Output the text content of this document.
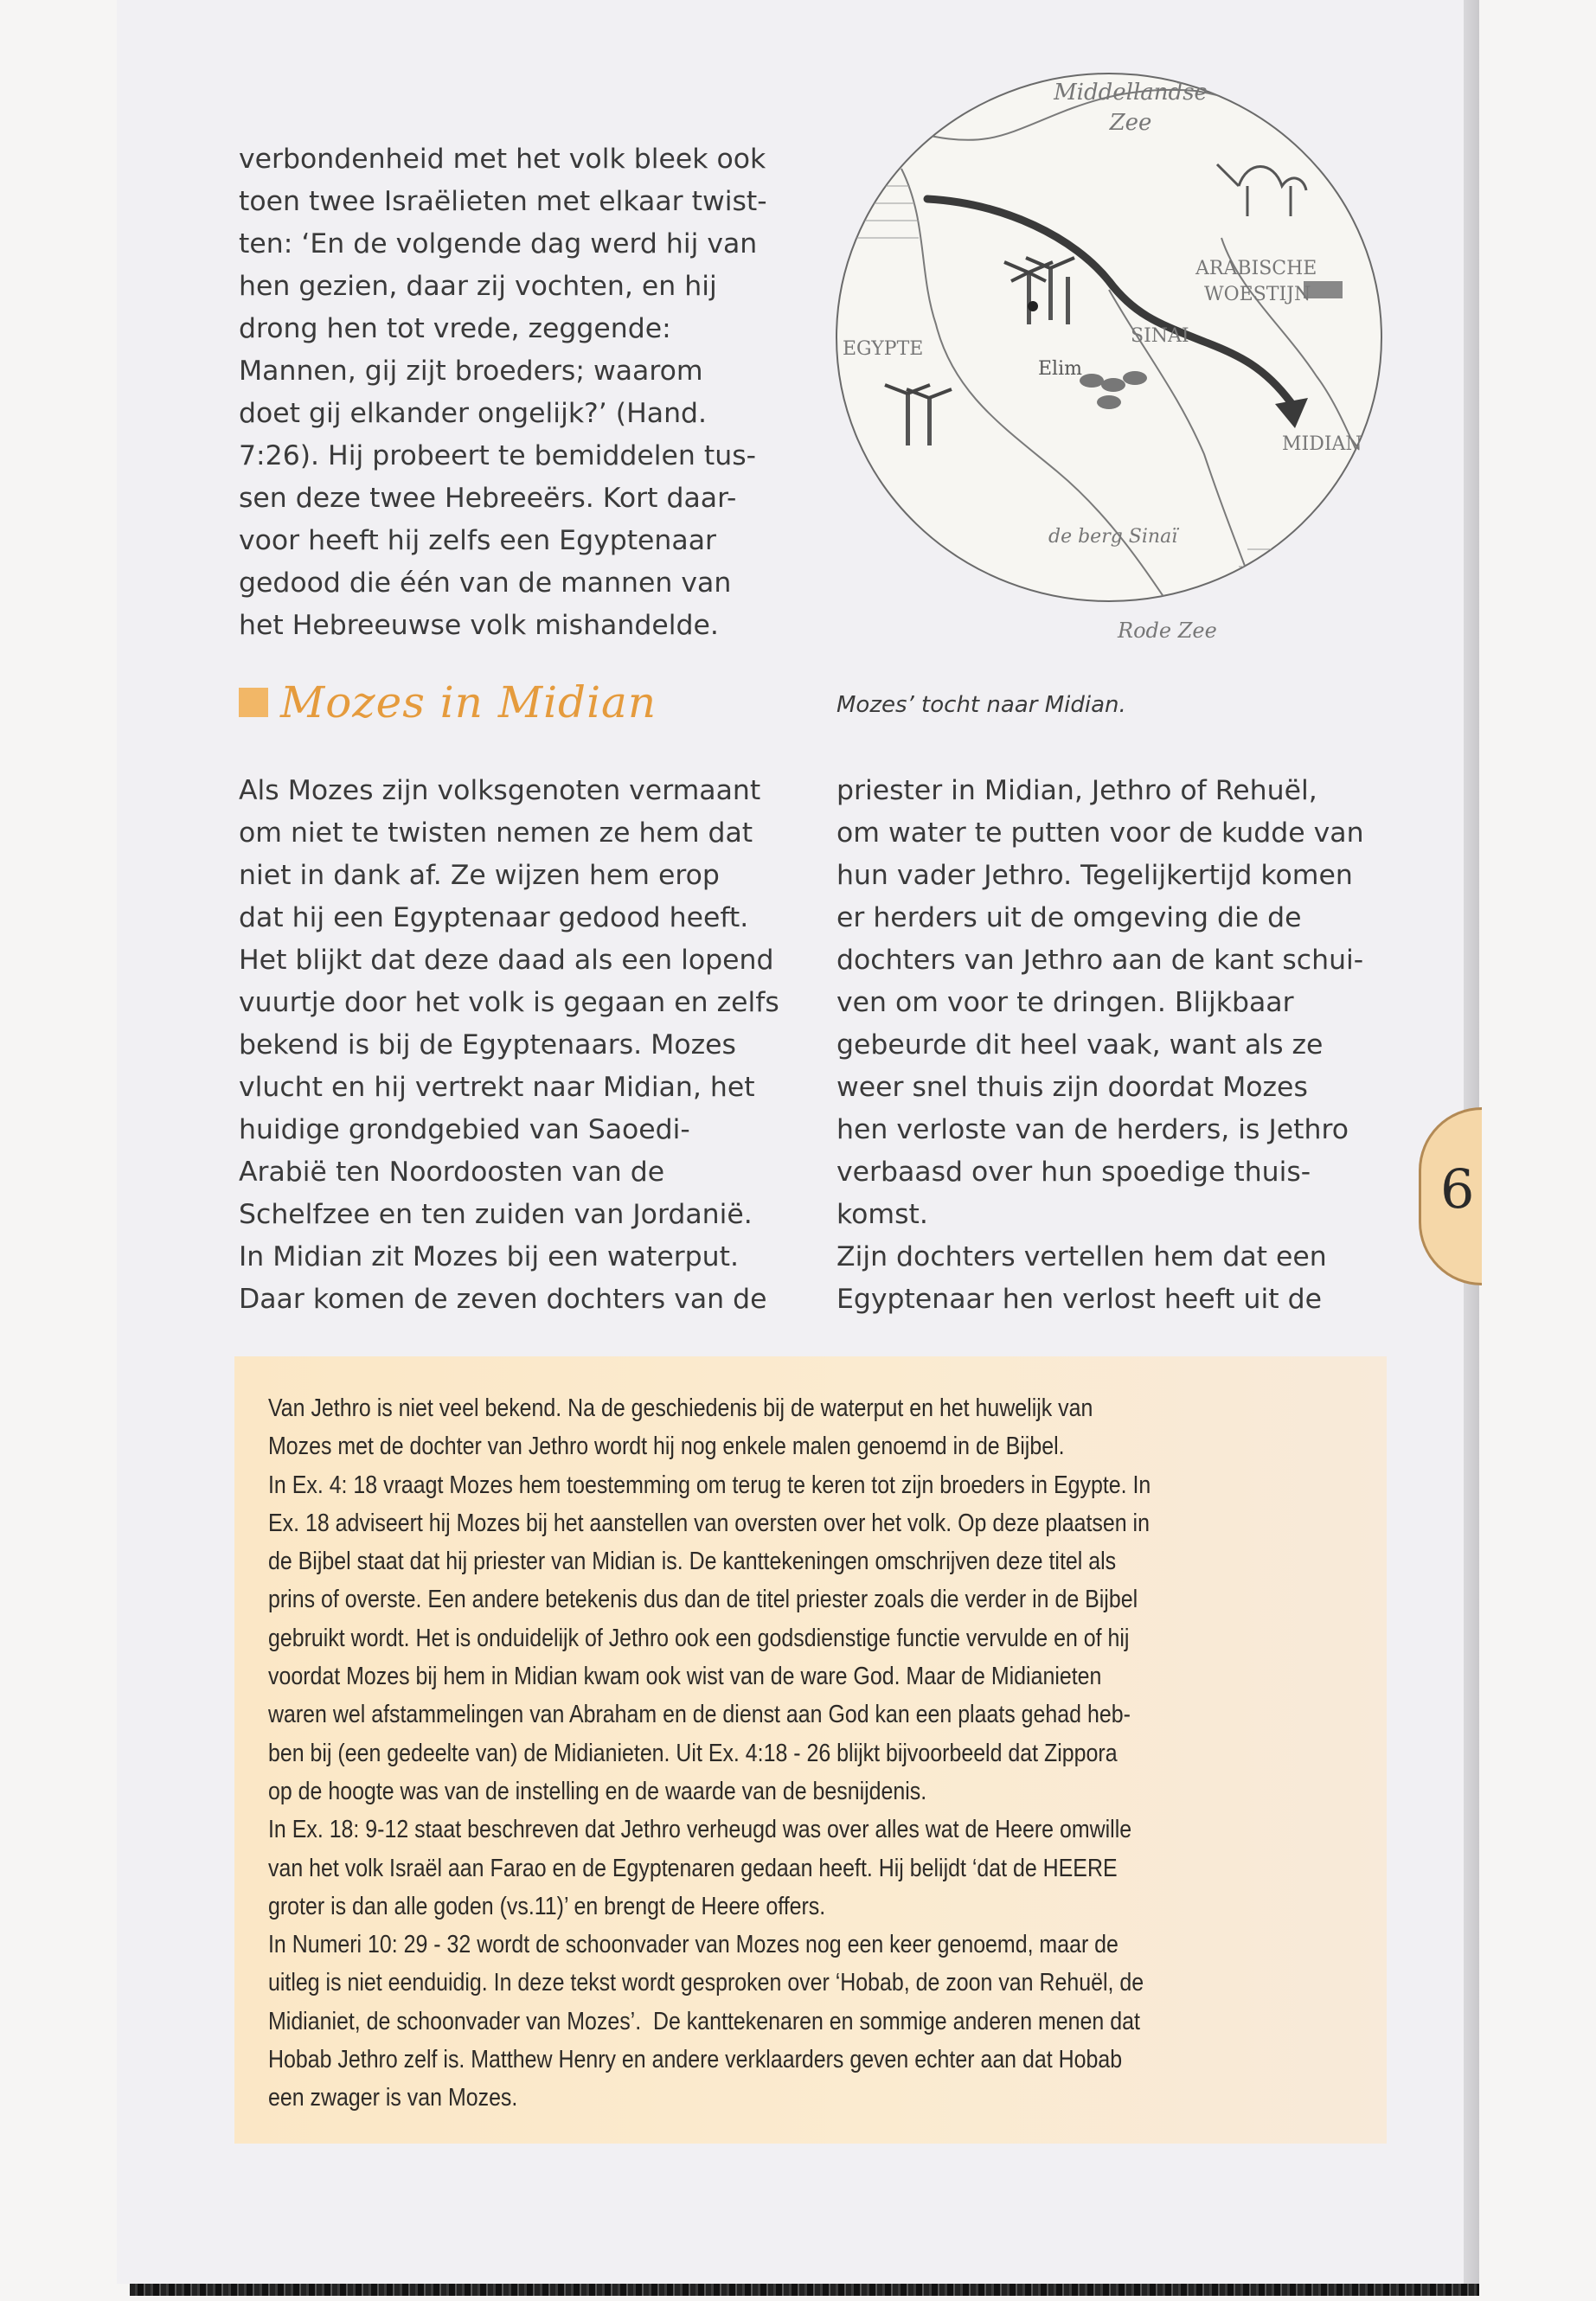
verbondenheid met het volk bleek ook
toen twee Israëlieten met elkaar twist-
ten: ‘En de volgende dag werd hij van
hen gezien, daar zij vochten, en hij
drong hen tot vrede, zeggende:
Mannen, gij zijt broeders; waarom
doet gij elkander ongelijk?’ (Hand.
7:26). Hij probeert te bemiddelen tus-
sen deze twee Hebreeërs. Kort daar-
voor heeft hij zelfs een Egyptenaar
gedood die één van de mannen van
het Hebreeuwse volk mishandelde.

Mozes in Midian
Middellandse
Zee
EGYPTE
ARABISCHE
WOESTIJN
SINAI
Elim
MIDIAN
de berg Sinaï
Rode Zee
Mozes’ tocht naar Midian.

Als Mozes zijn volksgenoten vermaant
om niet te twisten nemen ze hem dat
niet in dank af. Ze wijzen hem erop
dat hij een Egyptenaar gedood heeft.
Het blijkt dat deze daad als een lopend
vuurtje door het volk is gegaan en zelfs
bekend is bij de Egyptenaars. Mozes
vlucht en hij vertrekt naar Midian, het
huidige grondgebied van Saoedi-
Arabië ten Noordoosten van de
Schelfzee en ten zuiden van Jordanië.
In Midian zit Mozes bij een waterput.
Daar komen de zeven dochters van de

priester in Midian, Jethro of Rehuël,
om water te putten voor de kudde van
hun vader Jethro. Tegelijkertijd komen
er herders uit de omgeving die de
dochters van Jethro aan de kant schui-
ven om voor te dringen. Blijkbaar
gebeurde dit heel vaak, want als ze
weer snel thuis zijn doordat Mozes
hen verloste van de herders, is Jethro
verbaasd over hun spoedige thuis-
komst.
Zijn dochters vertellen hem dat een
Egyptenaar hen verlost heeft uit de

Van Jethro is niet veel bekend. Na de geschiedenis bij de waterput en het huwelijk van
Mozes met de dochter van Jethro wordt hij nog enkele malen genoemd in de Bijbel.
In Ex. 4: 18 vraagt Mozes hem toestemming om terug te keren tot zijn broeders in Egypte. In
Ex. 18 adviseert hij Mozes bij het aanstellen van oversten over het volk. Op deze plaatsen in
de Bijbel staat dat hij priester van Midian is. De kanttekeningen omschrijven deze titel als
prins of overste. Een andere betekenis dus dan de titel priester zoals die verder in de Bijbel
gebruikt wordt. Het is onduidelijk of Jethro ook een godsdienstige functie vervulde en of hij
voordat Mozes bij hem in Midian kwam ook wist van de ware God. Maar de Midianieten
waren wel afstammelingen van Abraham en de dienst aan God kan een plaats gehad heb-
ben bij (een gedeelte van) de Midianieten. Uit Ex. 4:18 - 26 blijkt bijvoorbeeld dat Zippora
op de hoogte was van de instelling en de waarde van de besnijdenis.
In Ex. 18: 9-12 staat beschreven dat Jethro verheugd was over alles wat de Heere omwille
van het volk Israël aan Farao en de Egyptenaren gedaan heeft. Hij belijdt ‘dat de HEERE
groter is dan alle goden (vs.11)’ en brengt de Heere offers.
In Numeri 10: 29 - 32 wordt de schoonvader van Mozes nog een keer genoemd, maar de
uitleg is niet eenduidig. In deze tekst wordt gesproken over ‘Hobab, de zoon van Rehuël, de
Midianiet, de schoonvader van Mozes’.  De kanttekenaren en sommige anderen menen dat
Hobab Jethro zelf is. Matthew Henry en andere verklaarders geven echter aan dat Hobab
een zwager is van Mozes.

6
